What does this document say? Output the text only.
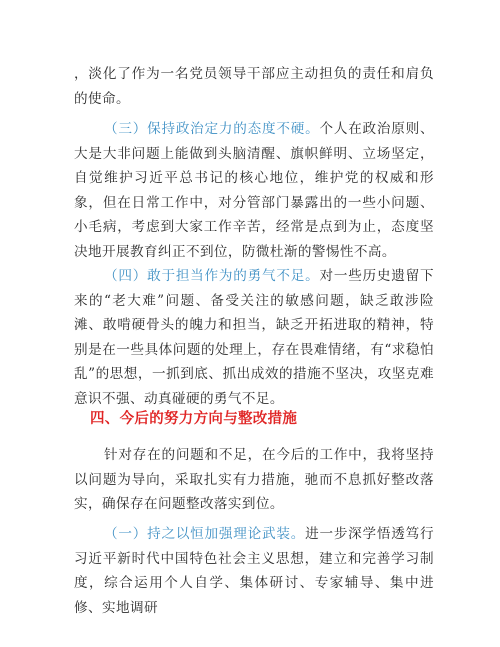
，淡化了作为一名党员领导干部应主动担负的责任和肩负的使命。

（三）保持政治定力的态度不硬。个人在政治原则、大是大非问题上能做到头脑清醒、旗帜鲜明、立场坚定，自觉维护习近平总书记的核心地位，维护党的权威和形象，但在日常工作中，对分管部门暴露出的一些小问题、小毛病，考虑到大家工作辛苦，经常是点到为止，态度坚决地开展教育纠正不到位，防微杜渐的警惕性不高。

（四）敢于担当作为的勇气不足。对一些历史遗留下来的“老大难”问题、备受关注的敏感问题，缺乏敢涉险滩、敢啃硬骨头的魄力和担当，缺乏开拓进取的精神，特别是在一些具体问题的处理上，存在畏难情绪，有“求稳怕乱”的思想，一抓到底、抓出成效的措施不坚决，攻坚克难意识不强、动真碰硬的勇气不足。

四、今后的努力方向与整改措施

针对存在的问题和不足，在今后的工作中，我将坚持以问题为导向，采取扎实有力措施，驰而不息抓好整改落实，确保存在问题整改落实到位。

（一）持之以恒加强理论武装。进一步深学悟透笃行习近平新时代中国特色社会主义思想，建立和完善学习制度，综合运用个人自学、集体研讨、专家辅导、集中进修、实地调研
